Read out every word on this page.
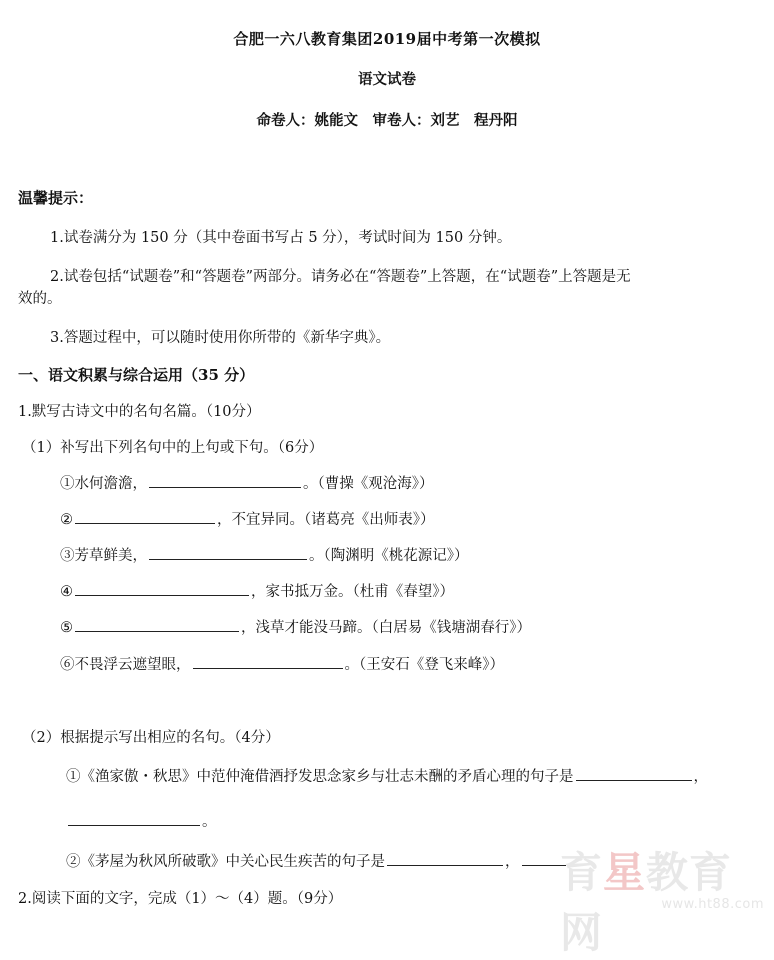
合肥一六八教育集团2019届中考第一次模拟
语文试卷
命卷人：姚能文　审卷人：刘艺　程丹阳
温馨提示：
1.试卷满分为 150 分（其中卷面书写占 5 分），考试时间为 150 分钟。
2.试卷包括“试题卷”和“答题卷”两部分。请务必在“答题卷”上答题，在“试题卷”上答题是无
效的。
3.答题过程中，可以随时使用你所带的《新华字典》。
一、语文积累与综合运用（35 分）
1.默写古诗文中的名句名篇。（10分）
（1）补写出下列名句中的上句或下句。（6分）
①水何澹澹，	。（曹操《观沧海》）
②	，不宜异同。（诸葛亮《出师表》）
③芳草鲜美，	。（陶渊明《桃花源记》）
④	，家书抵万金。（杜甫《春望》）
⑤	，浅草才能没马蹄。（白居易《钱塘湖春行》）
⑥不畏浮云遮望眼，	。（王安石《登飞来峰》）
（2）根据提示写出相应的名句。（4分）
①《渔家傲・秋思》中范仲淹借酒抒发思念家乡与壮志未酬的矛盾心理的句子是	，
。
②《茅屋为秋风所破歌》中关心民生疾苦的句子是	，
2.阅读下面的文字，完成（1）～（4）题。（9分）
育星教育网
www.ht88.com
